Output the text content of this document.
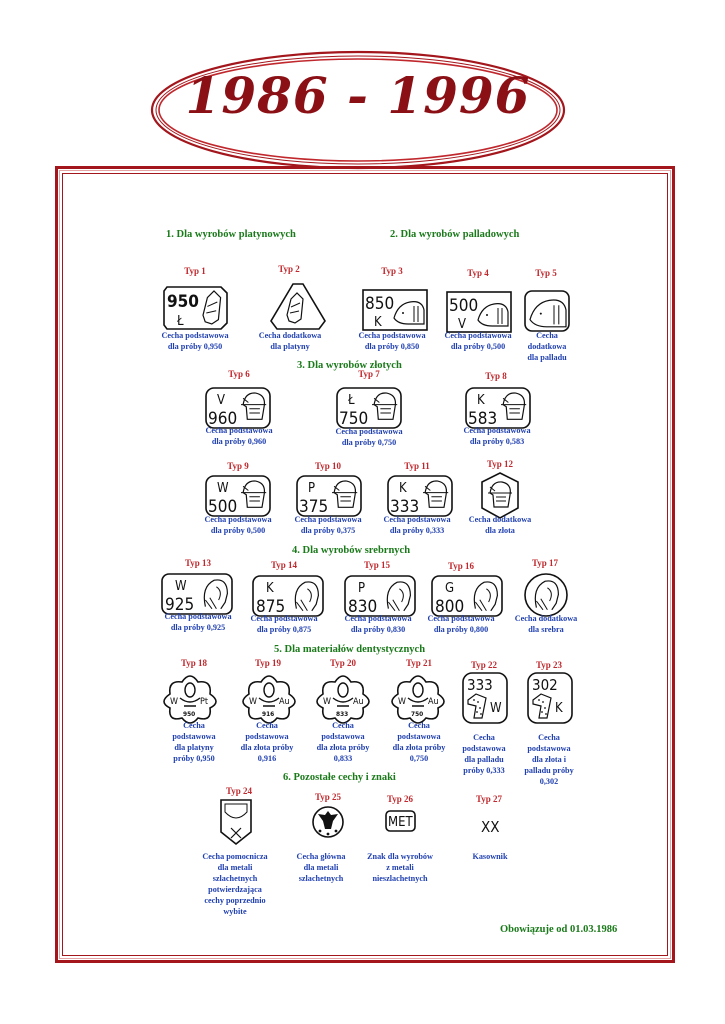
1986 - 1996
1. Dla wyrobów platynowych	2. Dla wyrobów palladowych
3. Dla wyrobów złotych
4. Dla wyrobów srebrnych
5. Dla materiałów dentystycznych
6. Pozostałe cechy i znaki
Typ 1
950
Ł
Cecha podstawowa
dla próby 0,950
Typ 2
Cecha dodatkowa
dla platyny
Typ 3
850
K
Cecha podstawowa
dla próby 0,850
Typ 4
500
V
Cecha podstawowa
dla próby 0,500
Typ 5
Cecha
dodatkowa
dla palladu
Typ 6
V
960
Cecha podstawowa
dla próby 0,960
Typ 7
Ł
750
Cecha podstawowa
dla próby 0,750
Typ 8
K
583
Cecha podstawowa
dla próby 0,583
Typ 9
W
500
Cecha podstawowa
dla próby 0,500
Typ 10
P
375
Cecha podstawowa
dla próby 0,375
Typ 11
K
333
Cecha podstawowa
dla próby 0,333
Typ 12
Cecha dodatkowa
dla złota
Typ 13
W
925
Cecha podstawowa
dla próby 0,925
Typ 14
K
875
Cecha podstawowa
dla próby 0,875
Typ 15
P
830
Cecha podstawowa
dla próby 0,830
Typ 16
G
800
Cecha podstawowa
dla próby 0,800
Typ 17
Cecha dodatkowa
dla srebra
Typ 18
W Pt
950
Cecha
podstawowa
dla platyny
próby 0,950
Typ 19
W Au
916
Cecha
podstawowa
dla złota próby
0,916
Typ 20
W Au
833
Cecha
podstawowa
dla złota próby
0,833
Typ 21
W Au
750
Cecha
podstawowa
dla złota próby
0,750
Typ 22
333
W
Cecha
podstawowa
dla palladu
próby 0,333
Typ 23
302
K
Cecha
podstawowa
dla złota i
palladu próby
0,302
Typ 24
Cecha pomocnicza
dla metali
szlachetnych
potwierdzająca
cechy poprzednio
wybite
Typ 25
Cecha główna
dla metali
szlachetnych
Typ 26
MET
Znak dla wyrobów
z metali
nieszlachetnych
Typ 27
XX
Kasownik
Obowiązuje od 01.03.1986
